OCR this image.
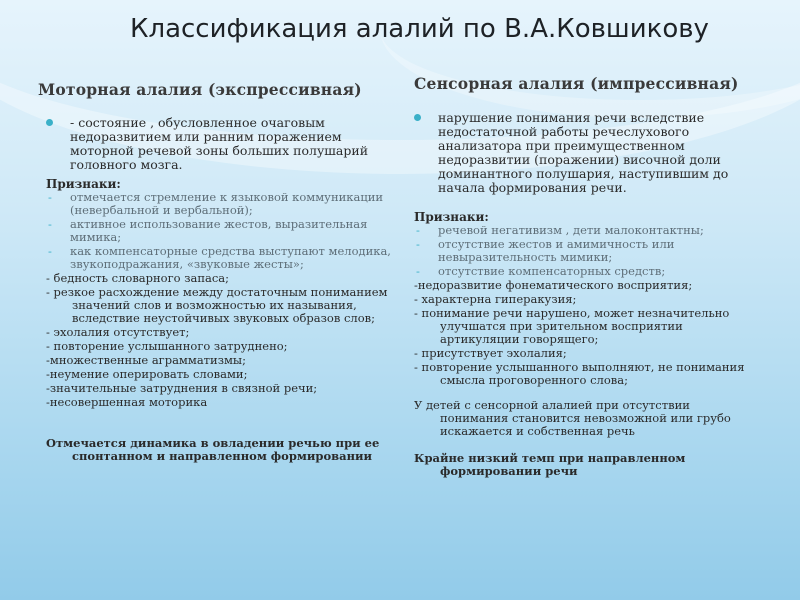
Классификация алалий по В.А.Ковшикову
Моторная алалия (экспрессивная)	Сенсорная алалия (импрессивная)
- состояние , обусловленное очаговым недоразвитием или ранним поражением моторной речевой зоны больших полушарий головного мозга.
Признаки:
- отмечается стремление к языковой коммуникации (невербальной и вербальной);
- активное использование жестов, выразительная мимика;
- как компенсаторные средства выступают мелодика, звукоподражания, «звуковые жесты»;
- бедность словарного запаса;
- резкое расхождение между достаточным пониманием значений слов и возможностью их называния, вследствие неустойчивых звуковых образов слов;
- эхолалия отсутствует;
- повторение услышанного затруднено;
-множественные аграмматизмы;
-неумение оперировать словами;
-значительные затруднения в связной речи;
-несовершенная моторика
Отмечается динамика в овладении речью при ее спонтанном и направленном формировании
нарушение понимания речи вследствие недостаточной работы речеслухового анализатора при преимущественном недоразвитии (поражении) височной доли доминантного полушария, наступившим до начала формирования речи.
Признаки:
- речевой негативизм , дети малоконтактны;
- отсутствие жестов и амимичность или невыразительность мимики;
- отсутствие компенсаторных средств;
-недоразвитие фонематического восприятия;
- характерна гиперакузия;
- понимание речи нарушено, может незначительно улучшатся при зрительном восприятии артикуляции говорящего;
- присутствует эхолалия;
- повторение услышанного выполняют, не понимания смысла проговоренного слова;
У детей с сенсорной алалией при отсутствии понимания становится невозможной или грубо искажается и собственная речь
Крайне низкий темп при направленном формировании речи
